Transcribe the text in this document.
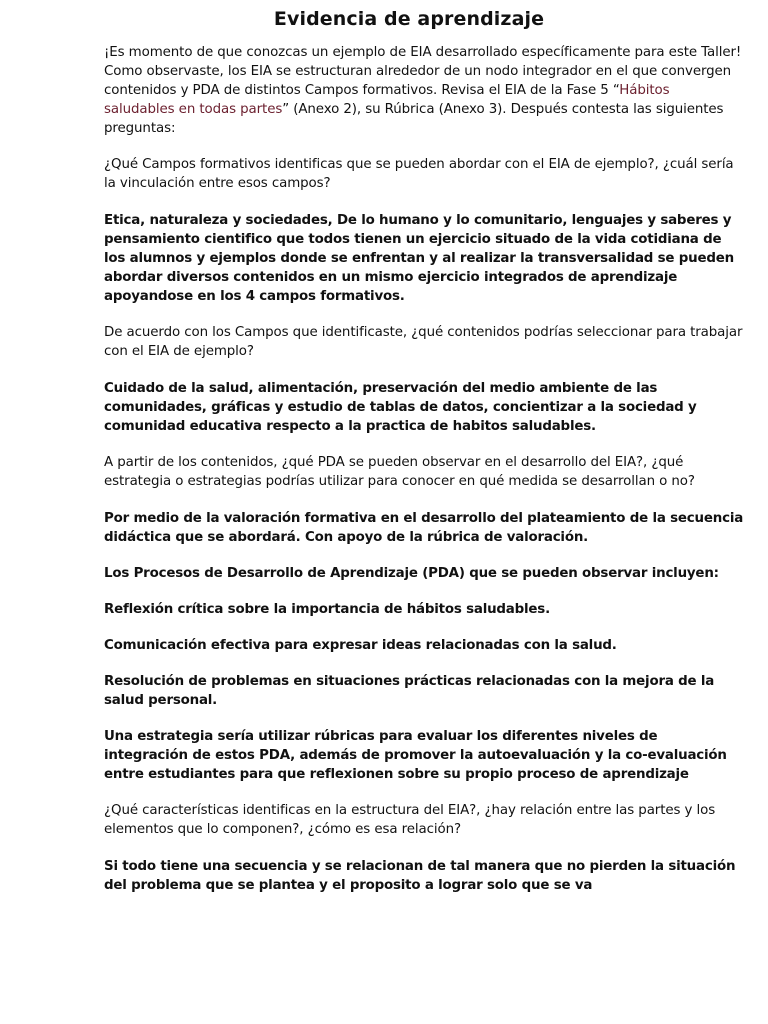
Evidencia de aprendizaje

¡Es momento de que conozcas un ejemplo de EIA desarrollado específicamente para este Taller! Como observaste, los EIA se estructuran alrededor de un nodo integrador en el que convergen contenidos y PDA de distintos Campos formativos. Revisa el EIA de la Fase 5 “Hábitos saludables en todas partes” (Anexo 2), su Rúbrica (Anexo 3). Después contesta las siguientes preguntas:

¿Qué Campos formativos identificas que se pueden abordar con el EIA de ejemplo?, ¿cuál sería la vinculación entre esos campos?

Etica, naturaleza y sociedades, De lo humano y lo comunitario, lenguajes y saberes y pensamiento cientifico que todos tienen un ejercicio situado de la vida cotidiana de los alumnos y ejemplos donde se enfrentan y al realizar la transversalidad se pueden abordar diversos contenidos en un mismo ejercicio integrados de aprendizaje apoyandose en los 4 campos formativos.

De acuerdo con los Campos que identificaste, ¿qué contenidos podrías seleccionar para trabajar con el EIA de ejemplo?

Cuidado de la salud, alimentación, preservación del medio ambiente de las comunidades, gráficas y estudio de tablas de datos, concientizar a la sociedad y comunidad educativa respecto a la practica de habitos saludables.

A partir de los contenidos, ¿qué PDA se pueden observar en el desarrollo del EIA?, ¿qué estrategia o estrategias podrías utilizar para conocer en qué medida se desarrollan o no?

Por medio de la valoración formativa en el desarrollo del plateamiento de la secuencia didáctica que se abordará. Con apoyo de la rúbrica de valoración.

Los Procesos de Desarrollo de Aprendizaje (PDA) que se pueden observar incluyen:

Reflexión crítica sobre la importancia de hábitos saludables.

Comunicación efectiva para expresar ideas relacionadas con la salud.

Resolución de problemas en situaciones prácticas relacionadas con la mejora de la salud personal.

Una estrategia sería utilizar rúbricas para evaluar los diferentes niveles de integración de estos PDA, además de promover la autoevaluación y la co-evaluación entre estudiantes para que reflexionen sobre su propio proceso de aprendizaje

¿Qué características identificas en la estructura del EIA?, ¿hay relación entre las partes y los elementos que lo componen?, ¿cómo es esa relación?

Si todo tiene una secuencia y se relacionan de tal manera que no pierden la situación del problema que se plantea y el proposito a lograr solo que se va
